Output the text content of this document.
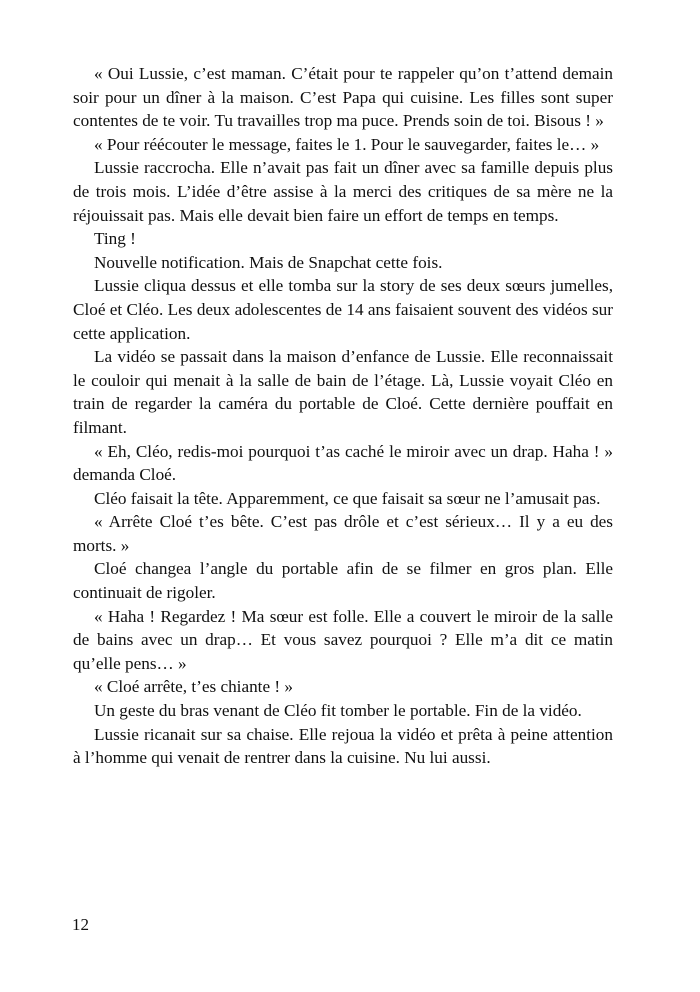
« Oui Lussie, c’est maman. C’était pour te rappeler qu’on t’attend demain soir pour un dîner à la maison. C’est Papa qui cuisine. Les filles sont super contentes de te voir. Tu travailles trop ma puce. Prends soin de toi. Bisous ! »

« Pour réécouter le message, faites le 1. Pour le sauvegarder, faites le… »

Lussie raccrocha. Elle n’avait pas fait un dîner avec sa famille depuis plus de trois mois. L’idée d’être assise à la merci des critiques de sa mère ne la réjouissait pas. Mais elle devait bien faire un effort de temps en temps.

Ting !

Nouvelle notification. Mais de Snapchat cette fois.

Lussie cliqua dessus et elle tomba sur la story de ses deux sœurs jumelles, Cloé et Cléo. Les deux adolescentes de 14 ans faisaient souvent des vidéos sur cette application.

La vidéo se passait dans la maison d’enfance de Lussie. Elle reconnaissait le couloir qui menait à la salle de bain de l’étage. Là, Lussie voyait Cléo en train de regarder la caméra du portable de Cloé. Cette dernière pouffait en filmant.

« Eh, Cléo, redis-moi pourquoi t’as caché le miroir avec un drap. Haha ! » demanda Cloé.

Cléo faisait la tête. Apparemment, ce que faisait sa sœur ne l’amusait pas.

« Arrête Cloé t’es bête. C’est pas drôle et c’est sérieux… Il y a eu des morts. »

Cloé changea l’angle du portable afin de se filmer en gros plan. Elle continuait de rigoler.

« Haha ! Regardez ! Ma sœur est folle. Elle a couvert le miroir de la salle de bains avec un drap… Et vous savez pourquoi ? Elle m’a dit ce matin qu’elle pens… »

« Cloé arrête, t’es chiante ! »

Un geste du bras venant de Cléo fit tomber le portable. Fin de la vidéo.

Lussie ricanait sur sa chaise. Elle rejoua la vidéo et prêta à peine attention à l’homme qui venait de rentrer dans la cuisine. Nu lui aussi.

12
